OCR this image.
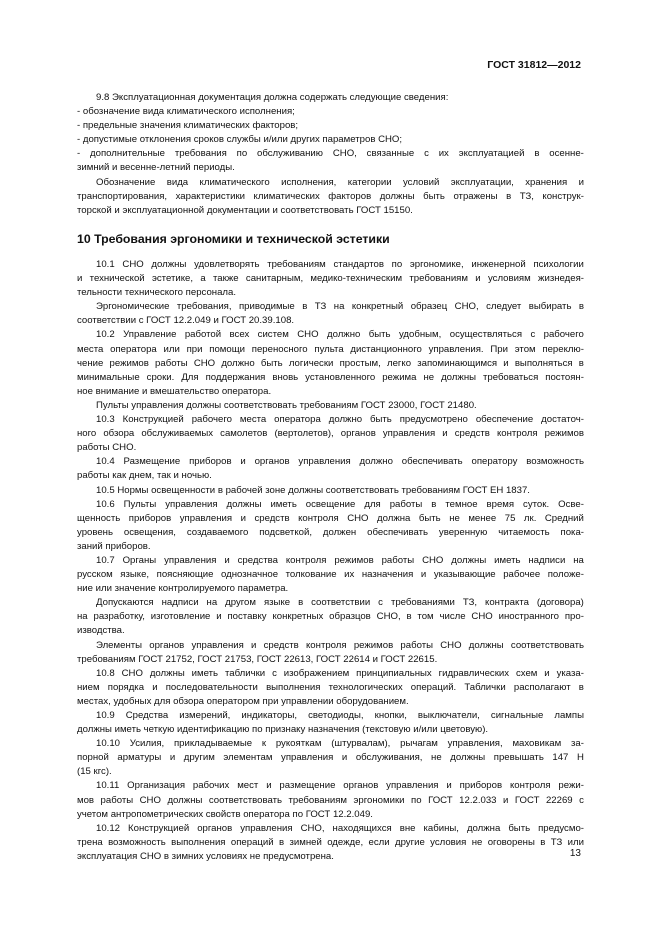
ГОСТ 31812—2012
9.8 Эксплуатационная документация должна содержать следующие сведения:
- обозначение вида климатического исполнения;
- предельные значения климатических факторов;
- допустимые отклонения сроков службы и/или других параметров СНО;
- дополнительные требования по обслуживанию СНО, связанные с их эксплуатацией в осенне-
зимний и весенне-летний периоды.
Обозначение вида климатического исполнения, категории условий эксплуатации, хранения и
транспортирования, характеристики климатических факторов должны быть отражены в ТЗ, конструк-
торской и эксплуатационной документации и соответствовать ГОСТ 15150.
10 Требования эргономики и технической эстетики
10.1 СНО должны удовлетворять требованиям стандартов по эргономике, инженерной психологии
и технической эстетике, а также санитарным, медико-техническим требованиям и условиям жизнедея-
тельности технического персонала.
Эргономические требования, приводимые в ТЗ на конкретный образец СНО, следует выбирать в
соответствии с ГОСТ 12.2.049 и ГОСТ 20.39.108.
10.2 Управление работой всех систем СНО должно быть удобным, осуществляться с рабочего
места оператора или при помощи переносного пульта дистанционного управления. При этом переклю-
чение режимов работы СНО должно быть логически простым, легко запоминающимся и выполняться в
минимальные сроки. Для поддержания вновь установленного режима не должны требоваться постоян-
ное внимание и вмешательство оператора.
Пульты управления должны соответствовать требованиям ГОСТ 23000, ГОСТ 21480.
10.3 Конструкцией рабочего места оператора должно быть предусмотрено обеспечение достаточ-
ного обзора обслуживаемых самолетов (вертолетов), органов управления и средств контроля режимов
работы СНО.
10.4 Размещение приборов и органов управления должно обеспечивать оператору возможность
работы как днем, так и ночью.
10.5 Нормы освещенности в рабочей зоне должны соответствовать требованиям ГОСТ ЕН 1837.
10.6 Пульты управления должны иметь освещение для работы в темное время суток. Осве-
щенность приборов управления и средств контроля СНО должна быть не менее 75 лк. Средний
уровень освещения, создаваемого подсветкой, должен обеспечивать уверенную читаемость пока-
заний приборов.
10.7 Органы управления и средства контроля режимов работы СНО должны иметь надписи на
русском языке, поясняющие однозначное толкование их назначения и указывающие рабочее положе-
ние или значение контролируемого параметра.
Допускаются надписи на другом языке в соответствии с требованиями ТЗ, контракта (договора)
на разработку, изготовление и поставку конкретных образцов СНО, в том числе СНО иностранного про-
изводства.
Элементы органов управления и средств контроля режимов работы СНО должны соответствовать
требованиям ГОСТ 21752, ГОСТ 21753, ГОСТ 22613, ГОСТ 22614 и ГОСТ 22615.
10.8 СНО должны иметь таблички с изображением принципиальных гидравлических схем и указа-
нием порядка и последовательности выполнения технологических операций. Таблички располагают в
местах, удобных для обзора оператором при управлении оборудованием.
10.9 Средства измерений, индикаторы, светодиоды, кнопки, выключатели, сигнальные лампы
должны иметь четкую идентификацию по признаку назначения (текстовую и/или цветовую).
10.10 Усилия, прикладываемые к рукояткам (штурвалам), рычагам управления, маховикам за-
порной арматуры и другим элементам управления и обслуживания, не должны превышать 147 Н
(15 кгс).
10.11 Организация рабочих мест и размещение органов управления и приборов контроля режи-
мов работы СНО должны соответствовать требованиям эргономики по ГОСТ 12.2.033 и ГОСТ 22269 с
учетом антропометрических свойств оператора по ГОСТ 12.2.049.
10.12 Конструкцией органов управления СНО, находящихся вне кабины, должна быть предусмо-
трена возможность выполнения операций в зимней одежде, если другие условия не оговорены в ТЗ или
эксплуатация СНО в зимних условиях не предусмотрена.	13
